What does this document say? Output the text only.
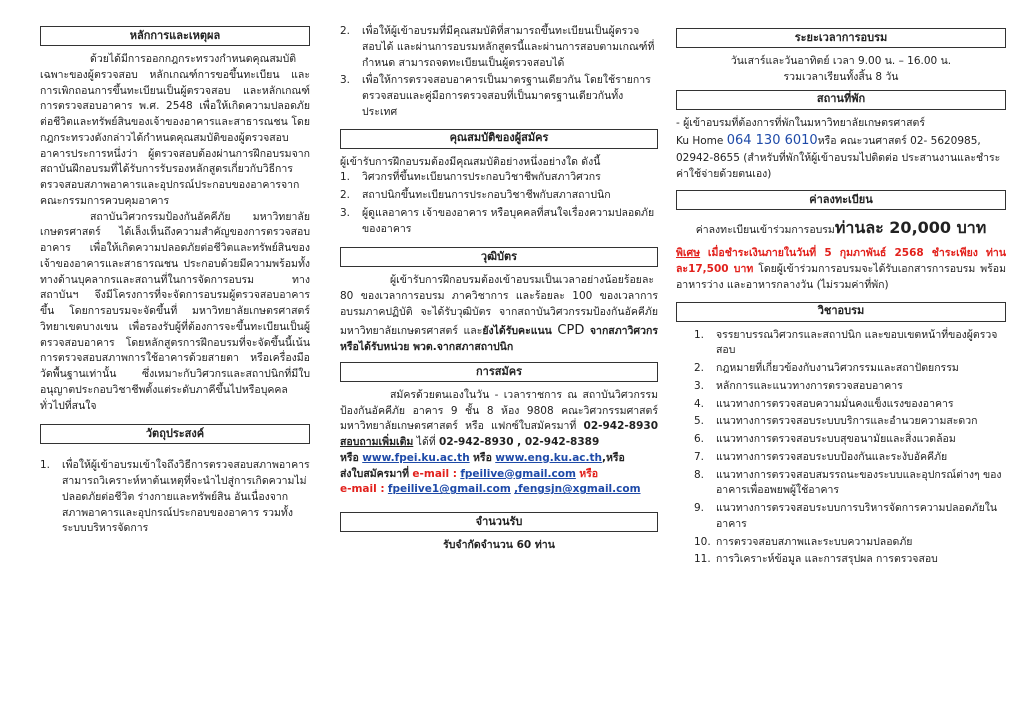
หลักการและเหตุผล

ด้วยได้มีการออกกฎกระทรวงกำหนดคุณสมบัติเฉพาะของผู้ตรวจสอบ หลักเกณฑ์การขอขึ้นทะเบียน และการเพิกถอนการขึ้นทะเบียนเป็นผู้ตรวจสอบ และหลักเกณฑ์การตรวจสอบอาคาร พ.ศ. 2548 เพื่อให้เกิดความปลอดภัยต่อชีวิตและทรัพย์สินของเจ้าของอาคารและสาธารณชน โดยกฎกระทรวงดังกล่าวได้กำหนดคุณสมบัติของผู้ตรวจสอบอาคารประการหนึ่งว่า ผู้ตรวจสอบต้องผ่านการฝึกอบรมจากสถาบันฝึกอบรมที่ได้รับการรับรองหลักสูตรเกี่ยวกับวิธีการตรวจสอบสภาพอาคารและอุปกรณ์ประกอบของอาคารจากคณะกรรมการควบคุมอาคาร

สถาบันวิศวกรรมป้องกันอัคคีภัย มหาวิทยาลัยเกษตรศาสตร์ ได้เล็งเห็นถึงความสำคัญของการตรวจสอบอาคาร เพื่อให้เกิดความปลอดภัยต่อชีวิตและทรัพย์สินของเจ้าของอาคารและสาธารณชน ประกอบด้วยมีความพร้อมทั้งทางด้านบุคลากรและสถานที่ในการจัดการอบรม ทางสถาบันฯ จึงมีโครงการที่จะจัดการอบรมผู้ตรวจสอบอาคารขึ้น โดยการอบรมจะจัดขึ้นที่ มหาวิทยาลัยเกษตรศาสตร์ วิทยาเขตบางเขน เพื่อรองรับผู้ที่ต้องการจะขึ้นทะเบียนเป็นผู้ตรวจสอบอาคาร โดยหลักสูตรการฝึกอบรมที่จะจัดขึ้นนี้เน้นการตรวจสอบสภาพการใช้อาคารด้วยสายตา หรือเครื่องมือวัดพื้นฐานเท่านั้น ซึ่งเหมาะกับวิศวกรและสถาปนิกที่มีใบอนุญาตประกอบวิชาชีพตั้งแต่ระดับภาคีขึ้นไปหรือบุคคลทั่วไปที่สนใจ

วัตถุประสงค์
1. เพื่อให้ผู้เข้าอบรมเข้าใจถึงวิธีการตรวจสอบสภาพอาคาร สามารถวิเคราะห์หาต้นเหตุที่จะนำไปสู่การเกิดความไม่ปลอดภัยต่อชีวิต ร่างกายและทรัพย์สิน อันเนื่องจากสภาพอาคารและอุปกรณ์ประกอบของอาคาร รวมทั้งระบบบริหารจัดการ
2. เพื่อให้ผู้เข้าอบรมที่มีคุณสมบัติที่สามารถขึ้นทะเบียนเป็นผู้ตรวจสอบได้ และผ่านการอบรมหลักสูตรนี้และผ่านการสอบตามเกณฑ์ที่กำหนด สามารถจดทะเบียนเป็นผู้ตรวจสอบได้
3. เพื่อให้การตรวจสอบอาคารเป็นมาตรฐานเดียวกัน โดยใช้รายการตรวจสอบและคู่มือการตรวจสอบที่เป็นมาตรฐานเดียวกันทั้งประเทศ
คุณสมบัติของผู้สมัคร

ผู้เข้ารับการฝึกอบรมต้องมีคุณสมบัติอย่างหนึ่งอย่างใด ดังนี้

1. วิศวกรที่ขึ้นทะเบียนการประกอบวิชาชีพกับสภาวิศวกร
2. สถาปนิกขึ้นทะเบียนการประกอบวิชาชีพกับสภาสถาปนิก
3. ผู้ดูแลอาคาร เจ้าของอาคาร หรือบุคคลที่สนใจเรื่องความปลอดภัยของอาคาร
วุฒิบัตร

ผู้เข้ารับการฝึกอบรมต้องเข้าอบรมเป็นเวลาอย่างน้อยร้อยละ 80 ของเวลาการอบรม ภาควิชาการ และร้อยละ 100 ของเวลาการอบรมภาคปฏิบัติ จะได้รับวุฒิบัตร จากสถาบันวิศวกรรมป้องกันอัคคีภัย มหาวิทยาลัยเกษตรศาสตร์ และยังได้รับคะแนน CPD จากสภาวิศวกร หรือได้รับหน่วย พวต.จากสภาสถาปนิก

การสมัคร

สมัครด้วยตนเองในวัน - เวลาราชการ ณ สถาบันวิศวกรรมป้องกันอัคคีภัย อาคาร 9 ชั้น 8 ห้อง 9808 คณะวิศวกรรมศาสตร์ มหาวิทยาลัยเกษตรศาสตร์ หรือ แฟกซ์ใบสมัครมาที่ 02-942-8930 สอบถามเพิ่มเติม ได้ที่ 02-942-8930 , 02-942-8389
หรือ www.fpei.ku.ac.th หรือ www.eng.ku.ac.th,หรือ
ส่งใบสมัครมาที่ e-mail : fpeilive@gmail.com หรือ
e-mail : fpeilive1@gmail.com ,fengsjn@xgmail.com

จำนวนรับ

รับจำกัดจำนวน 60 ท่าน

ระยะเวลาการอบรม

วันเสาร์และวันอาทิตย์ เวลา 9.00 น. – 16.00 น.

รวมเวลาเรียนทั้งสิ้น 8 วัน

สถานที่พัก

- ผู้เข้าอบรมที่ต้องการที่พักในมหาวิทยาลัยเกษตรศาสตร์
Ku Home 064 130 6010หรือ คณะวนศาสตร์ 02- 5620985, 02942-8655 (สำหรับที่พักให้ผู้เข้าอบรมไปติดต่อ ประสานงานและชำระค่าใช้จ่ายด้วยตนเอง)

ค่าลงทะเบียน

ค่าลงทะเบียนเข้าร่วมการอบรมท่านละ 20,000 บาท

พิเศษ เมื่อชำระเงินภายในวันที่ 5 กุมภาพันธ์ 2568 ชำระเพียง ท่านละ17,500 บาท โดยผู้เข้าร่วมการอบรมจะได้รับเอกสารการอบรม พร้อมอาหารว่าง และอาหารกลางวัน (ไม่รวมค่าที่พัก)

วิชาอบรม
1. จรรยาบรรณวิศวกรและสถาปนิก และขอบเขตหน้าที่ของผู้ตรวจสอบ
2. กฎหมายที่เกี่ยวข้องกับงานวิศวกรรมและสถาปัตยกรรม
3. หลักการและแนวทางการตรวจสอบอาคาร
4. แนวทางการตรวจสอบความมั่นคงแข็งแรงของอาคาร
5. แนวทางการตรวจสอบระบบบริการและอำนวยความสะดวก
6. แนวทางการตรวจสอบระบบสุขอนามัยและสิ่งแวดล้อม
7. แนวทางการตรวจสอบระบบป้องกันและระงับอัคคีภัย
8. แนวทางการตรวจสอบสมรรถนะของระบบและอุปกรณ์ต่างๆ ของอาคารเพื่ออพยพผู้ใช้อาคาร
9. แนวทางการตรวจสอบระบบการบริหารจัดการความปลอดภัยในอาคาร
10. การตรวจสอบสภาพและระบบความปลอดภัย
11. การวิเคราะห์ข้อมูล และการสรุปผล การตรวจสอบ
